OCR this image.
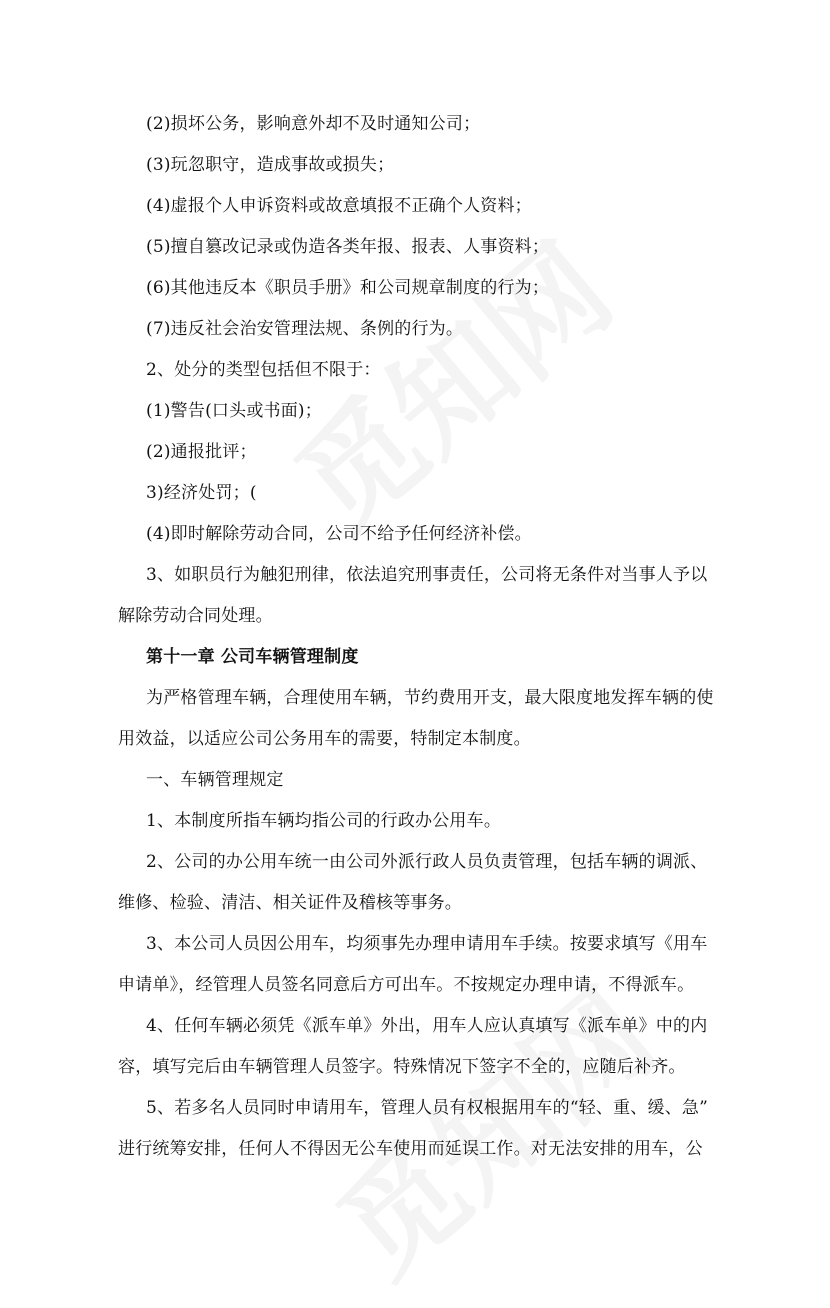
(2)损坏公务，影响意外却不及时通知公司；
(3)玩忽职守，造成事故或损失；
(4)虚报个人申诉资料或故意填报不正确个人资料；
(5)擅自篡改记录或伪造各类年报、报表、人事资料；
(6)其他违反本《职员手册》和公司规章制度的行为；
(7)违反社会治安管理法规、条例的行为。
2、处分的类型包括但不限于：
(1)警告(口头或书面)；
(2)通报批评；
3)经济处罚；(
(4)即时解除劳动合同，公司不给予任何经济补偿。
3、如职员行为触犯刑律，依法追究刑事责任，公司将无条件对当事人予以
解除劳动合同处理。
第十一章 公司车辆管理制度
为严格管理车辆，合理使用车辆，节约费用开支，最大限度地发挥车辆的使
用效益，以适应公司公务用车的需要，特制定本制度。
一、车辆管理规定
1、本制度所指车辆均指公司的行政办公用车。
2、公司的办公用车统一由公司外派行政人员负责管理，包括车辆的调派、
维修、检验、清洁、相关证件及稽核等事务。
3、本公司人员因公用车，均须事先办理申请用车手续。按要求填写《用车
申请单》，经管理人员签名同意后方可出车。不按规定办理申请，不得派车。
4、任何车辆必须凭《派车单》外出，用车人应认真填写《派车单》中的内
容，填写完后由车辆管理人员签字。特殊情况下签字不全的，应随后补齐。
5、若多名人员同时申请用车，管理人员有权根据用车的“轻、重、缓、急”
进行统筹安排，任何人不得因无公车使用而延误工作。对无法安排的用车，公
